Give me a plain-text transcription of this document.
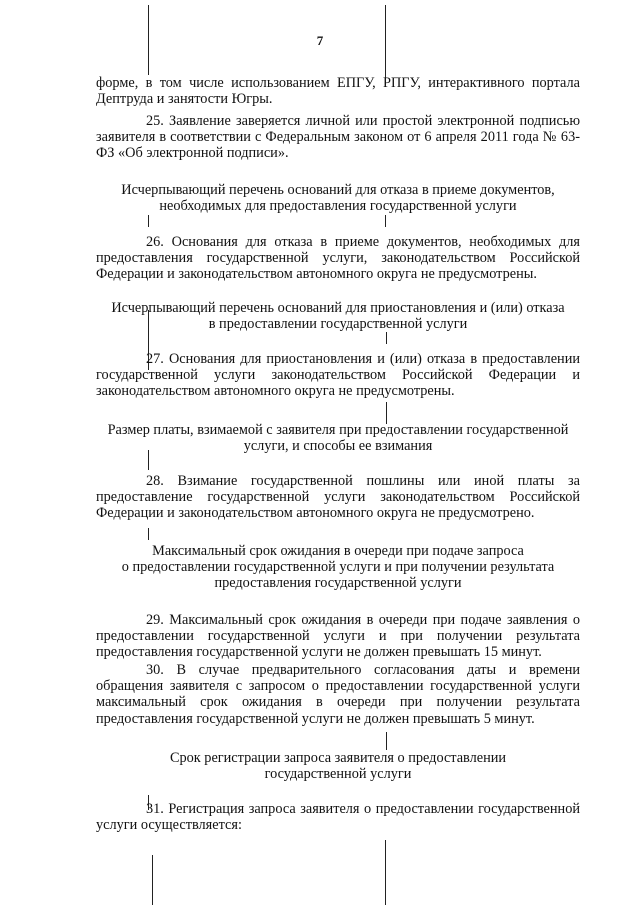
7
форме, в том числе использованием ЕПГУ, РПГУ, интерактивного портала Дептруда и занятости Югры.
25. Заявление заверяется личной или простой электронной подписью заявителя в соответствии с Федеральным законом от 6 апреля 2011 года № 63-ФЗ «Об электронной подписи».
Исчерпывающий перечень оснований для отказа в приеме документов,
необходимых для предоставления государственной услуги
26. Основания для отказа в приеме документов, необходимых для предоставления государственной услуги, законодательством Российской Федерации и законодательством автономного округа не предусмотрены.
Исчерпывающий перечень оснований для приостановления и (или) отказа
в предоставлении государственной услуги
27. Основания для приостановления и (или) отказа в предоставлении государственной услуги законодательством Российской Федерации и законодательством автономного округа не предусмотрены.
Размер платы, взимаемой с заявителя при предоставлении государственной
услуги, и способы ее взимания
28. Взимание государственной пошлины или иной платы за предоставление государственной услуги законодательством Российской Федерации и законодательством автономного округа не предусмотрено.
Максимальный срок ожидания в очереди при подаче запроса
о предоставлении государственной услуги и при получении результата
предоставления государственной услуги
29. Максимальный срок ожидания в очереди при подаче заявления о предоставлении государственной услуги и при получении результата предоставления государственной услуги не должен превышать 15 минут.
30. В случае предварительного согласования даты и времени обращения заявителя с запросом о предоставлении государственной услуги максимальный срок ожидания в очереди при получении результата предоставления государственной услуги не должен превышать 5 минут.
Срок регистрации запроса заявителя о предоставлении
государственной услуги
31. Регистрация запроса заявителя о предоставлении государственной услуги осуществляется:
